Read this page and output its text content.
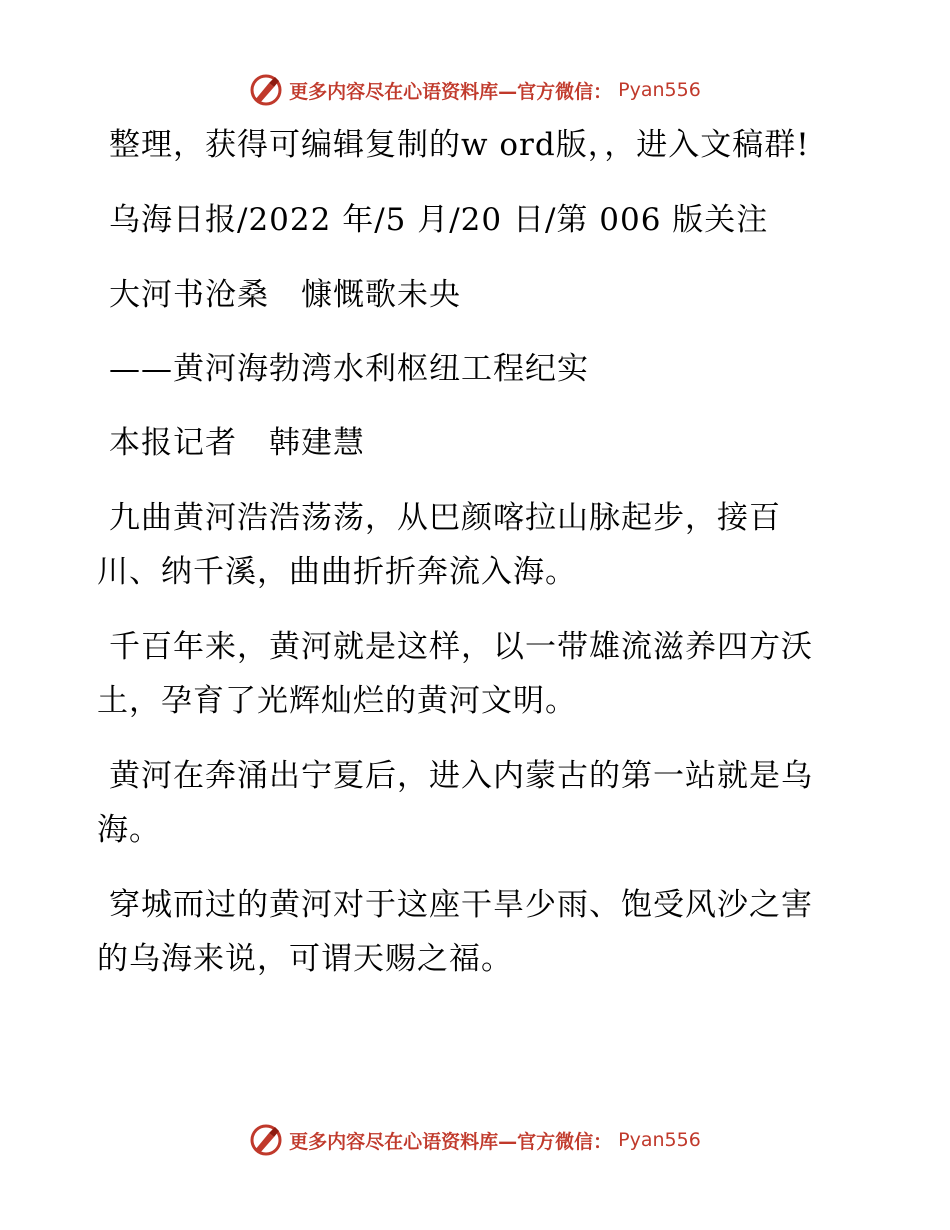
更多内容尽在心语资料库—官方微信： Pyan556

整理，获得可编辑复制的w ord版，，进入文稿群!

乌海日报/2022 年/5 月/20 日/第 006 版关注

大河书沧桑　慷慨歌未央

——黄河海勃湾水利枢纽工程纪实

本报记者　韩建慧

九曲黄河浩浩荡荡，从巴颜喀拉山脉起步，接百川、纳千溪，曲曲折折奔流入海。

千百年来，黄河就是这样，以一带雄流滋养四方沃土，孕育了光辉灿烂的黄河文明。

黄河在奔涌出宁夏后，进入内蒙古的第一站就是乌海。

穿城而过的黄河对于这座干旱少雨、饱受风沙之害的乌海来说，可谓天赐之福。

更多内容尽在心语资料库—官方微信： Pyan556
